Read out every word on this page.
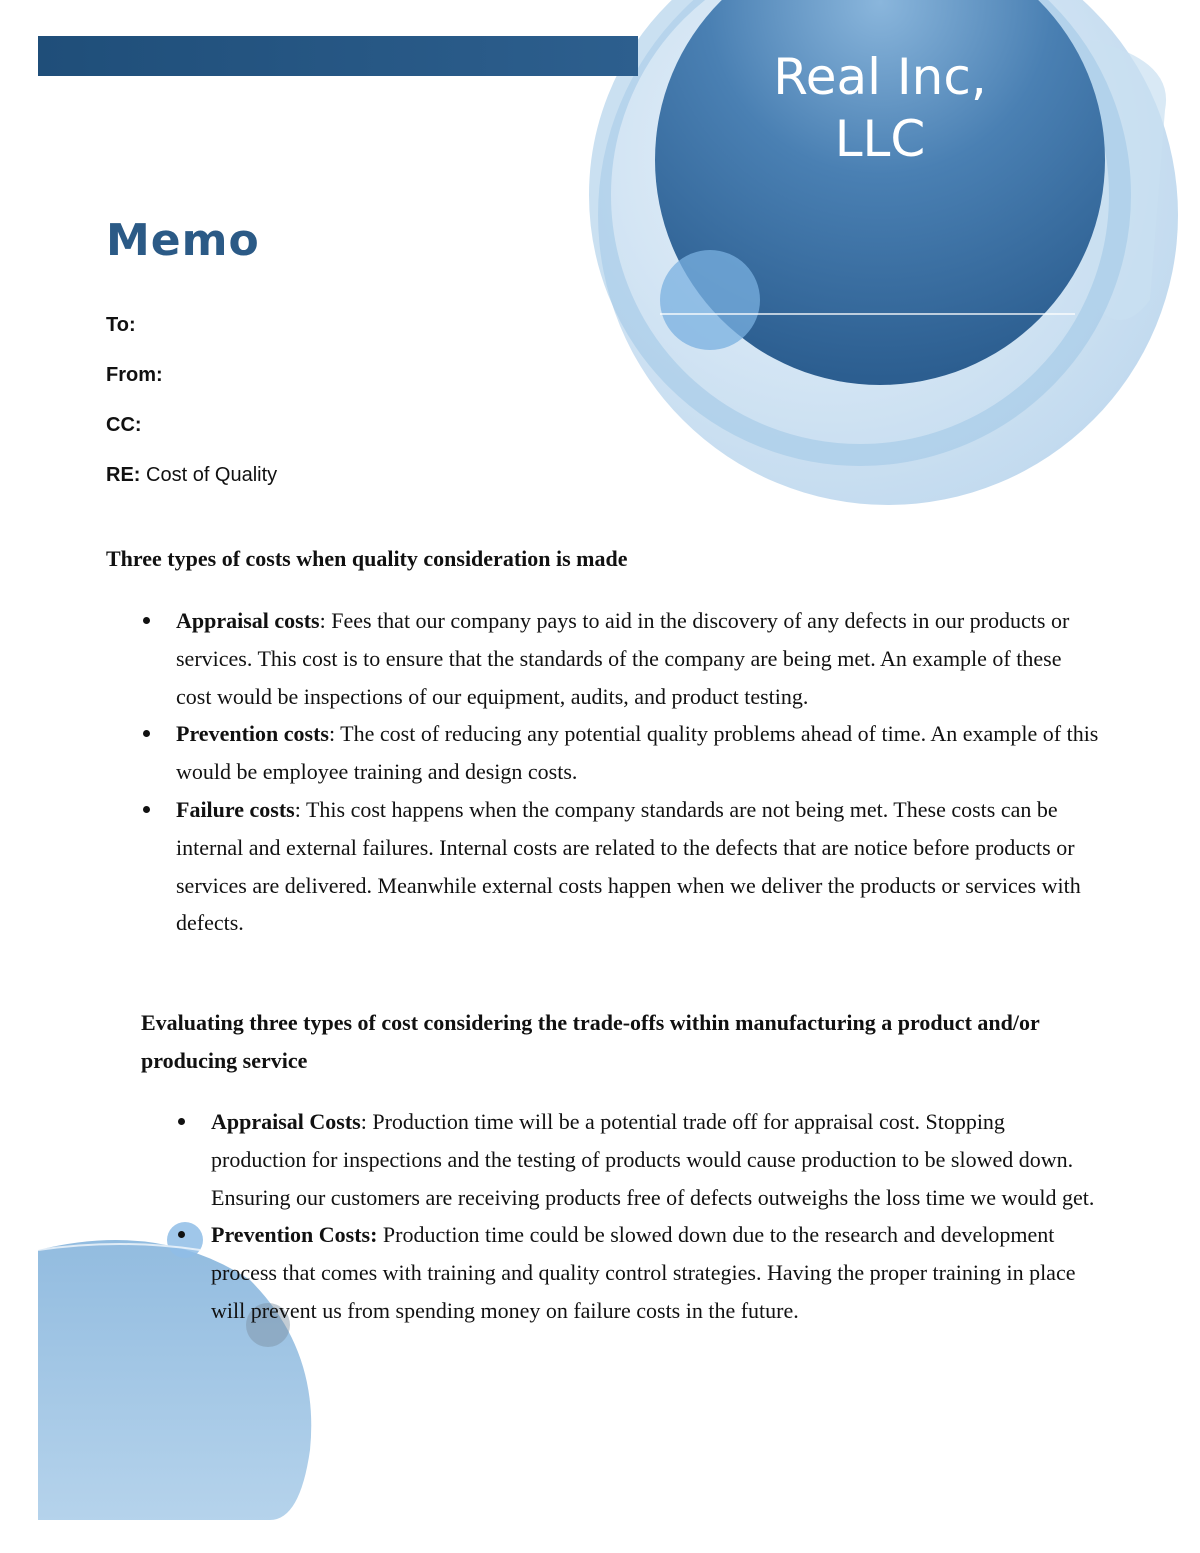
Real Inc,
LLC
Memo
To:
From:
CC:
RE: Cost of Quality
Three types of costs when quality consideration is made
Appraisal costs: Fees that our company pays to aid in the discovery of any defects in our products or services. This cost is to ensure that the standards of the company are being met. An example of these cost would be inspections of our equipment, audits, and product testing.
Prevention costs: The cost of reducing any potential quality problems ahead of time. An example of this would be employee training and design costs.
Failure costs: This cost happens when the company standards are not being met. These costs can be internal and external failures. Internal costs are related to the defects that are notice before products or services are delivered. Meanwhile external costs happen when we deliver the products or services with defects.
Evaluating three types of cost considering the trade-offs within manufacturing a product and/or producing service
Appraisal Costs: Production time will be a potential trade off for appraisal cost. Stopping production for inspections and the testing of products would cause production to be slowed down. Ensuring our customers are receiving products free of defects outweighs the loss time we would get.
Prevention Costs: Production time could be slowed down due to the research and development process that comes with training and quality control strategies. Having the proper training in place will prevent us from spending money on failure costs in the future.
